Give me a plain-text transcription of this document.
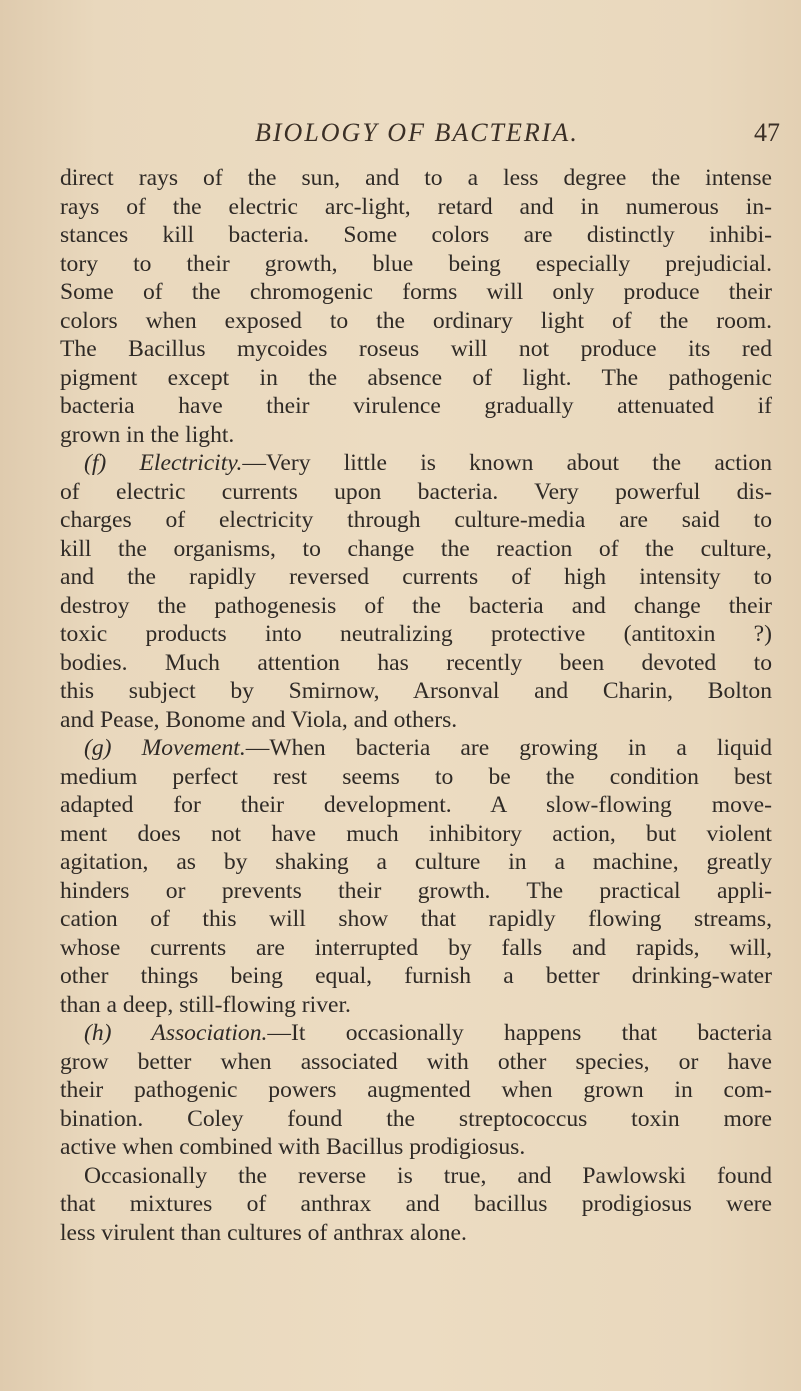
BIOLOGY OF BACTERIA.	47
direct rays of the sun, and to a less degree the intense
rays of the electric arc-light, retard and in numerous in-
stances kill bacteria. Some colors are distinctly inhibi-
tory to their growth, blue being especially prejudicial.
Some of the chromogenic forms will only produce their
colors when exposed to the ordinary light of the room.
The Bacillus mycoides roseus will not produce its red
pigment except in the absence of light. The pathogenic
bacteria have their virulence gradually attenuated if
grown in the light.
(f) Electricity.—Very little is known about the action
of electric currents upon bacteria. Very powerful dis-
charges of electricity through culture-media are said to
kill the organisms, to change the reaction of the culture,
and the rapidly reversed currents of high intensity to
destroy the pathogenesis of the bacteria and change their
toxic products into neutralizing protective (antitoxin ?)
bodies. Much attention has recently been devoted to
this subject by Smirnow, Arsonval and Charin, Bolton
and Pease, Bonome and Viola, and others.
(g) Movement.—When bacteria are growing in a liquid
medium perfect rest seems to be the condition best
adapted for their development. A slow-flowing move-
ment does not have much inhibitory action, but violent
agitation, as by shaking a culture in a machine, greatly
hinders or prevents their growth. The practical appli-
cation of this will show that rapidly flowing streams,
whose currents are interrupted by falls and rapids, will,
other things being equal, furnish a better drinking-water
than a deep, still-flowing river.
(h) Association.—It occasionally happens that bacteria
grow better when associated with other species, or have
their pathogenic powers augmented when grown in com-
bination. Coley found the streptococcus toxin more
active when combined with Bacillus prodigiosus.
Occasionally the reverse is true, and Pawlowski found
that mixtures of anthrax and bacillus prodigiosus were
less virulent than cultures of anthrax alone.
